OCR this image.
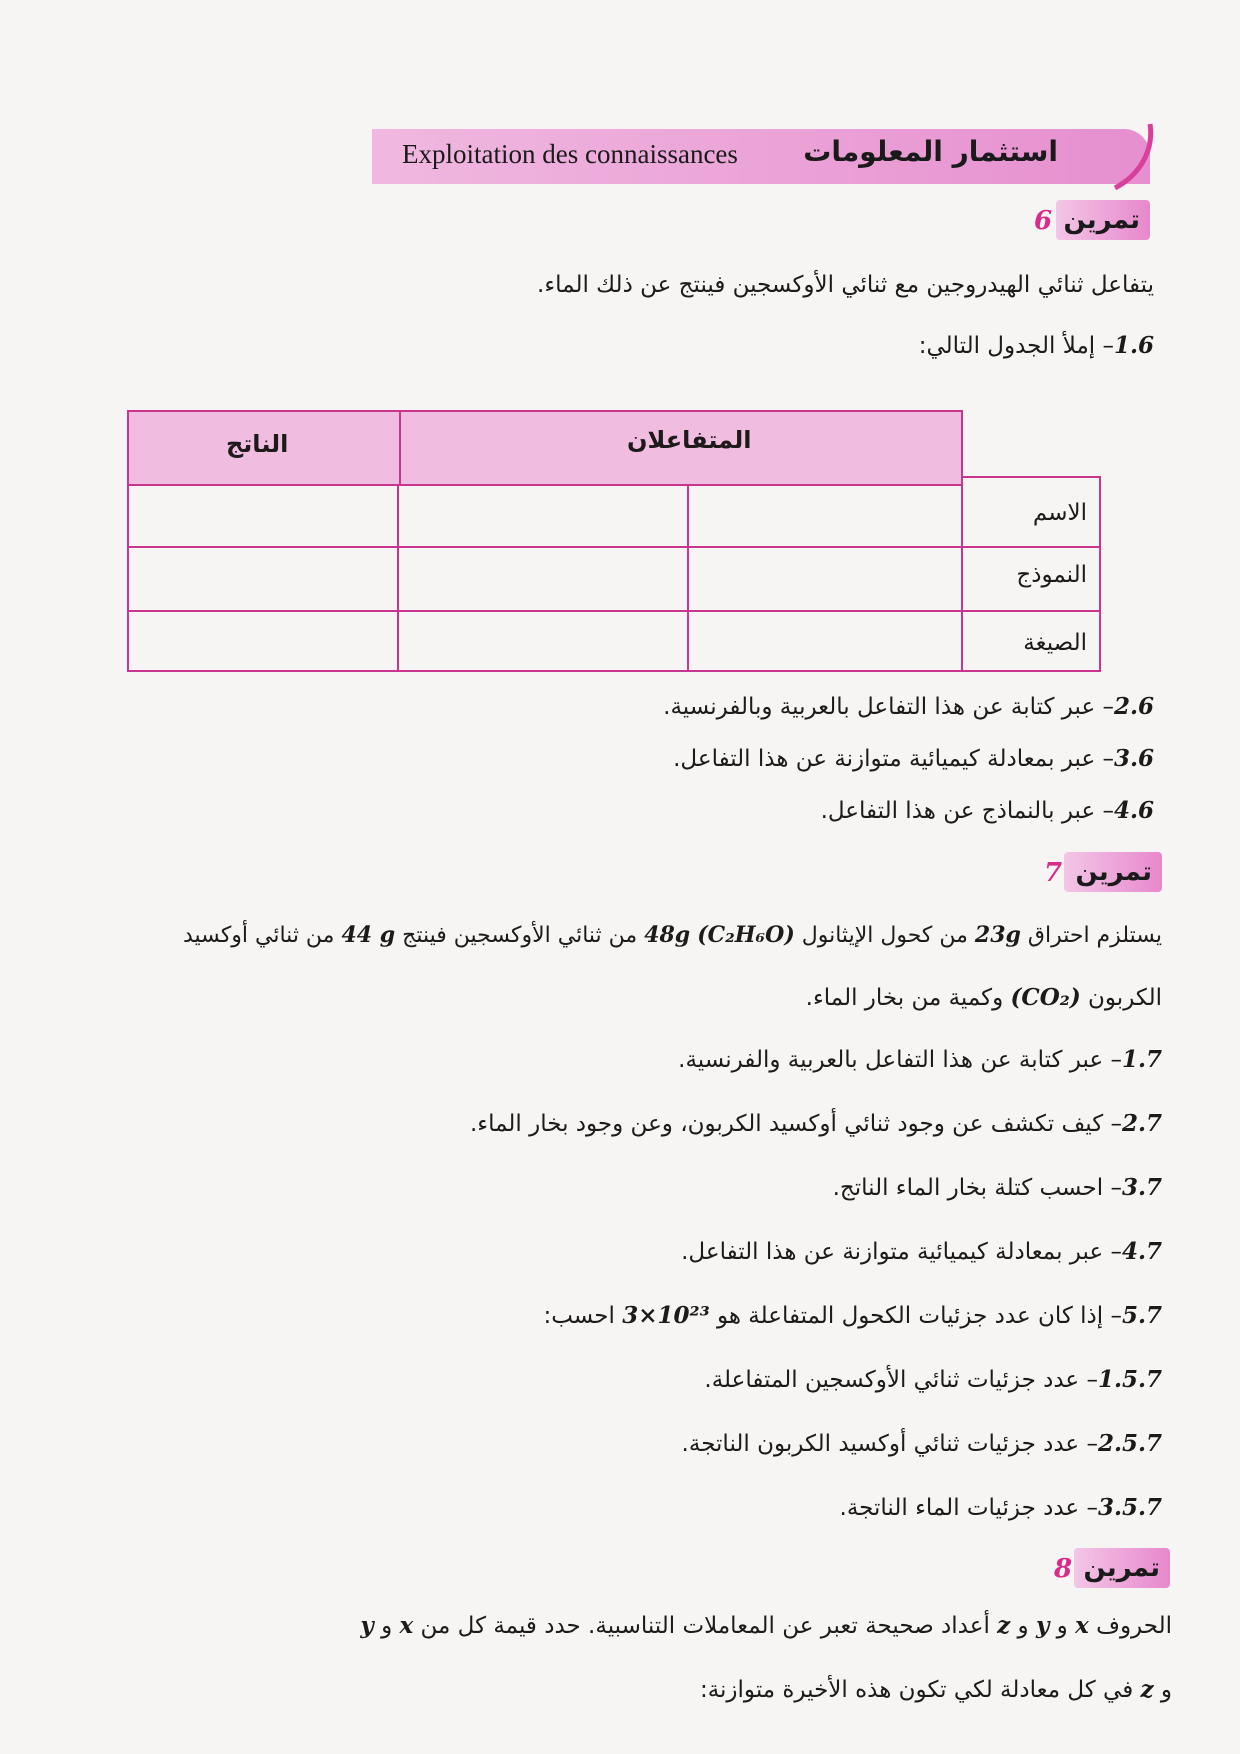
Exploitation des connaissances استثمار المعلومات
تمرين
6
يتفاعل ثنائي الهيدروجين مع ثنائي الأوكسجين فينتج عن ذلك الماء.
1.6– إملأ الجدول التالي:
الناتج	المتفاعلان
الاسم
النموذج
الصيغة
2.6– عبر كتابة عن هذا التفاعل بالعربية وبالفرنسية.
3.6– عبر بمعادلة كيميائية متوازنة عن هذا التفاعل.
4.6– عبر بالنماذج عن هذا التفاعل.
تمرين
7
يستلزم احتراق 23g من كحول الإيثانول (C₂H₆O) 48g من ثنائي الأوكسجين فينتج 44 g من ثنائي أوكسيد
الكربون (CO₂) وكمية من بخار الماء.
1.7– عبر كتابة عن هذا التفاعل بالعربية والفرنسية.
2.7– كيف تكشف عن وجود ثنائي أوكسيد الكربون، وعن وجود بخار الماء.
3.7– احسب كتلة بخار الماء الناتج.
4.7– عبر بمعادلة كيميائية متوازنة عن هذا التفاعل.
5.7– إذا كان عدد جزئيات الكحول المتفاعلة هو 3×10²³ احسب:
1.5.7– عدد جزئيات ثنائي الأوكسجين المتفاعلة.
2.5.7– عدد جزئيات ثنائي أوكسيد الكربون الناتجة.
3.5.7– عدد جزئيات الماء الناتجة.
تمرين
8
الحروف x و y و z أعداد صحيحة تعبر عن المعاملات التناسبية. حدد قيمة كل من x و y
و z في كل معادلة لكي تكون هذه الأخيرة متوازنة:
